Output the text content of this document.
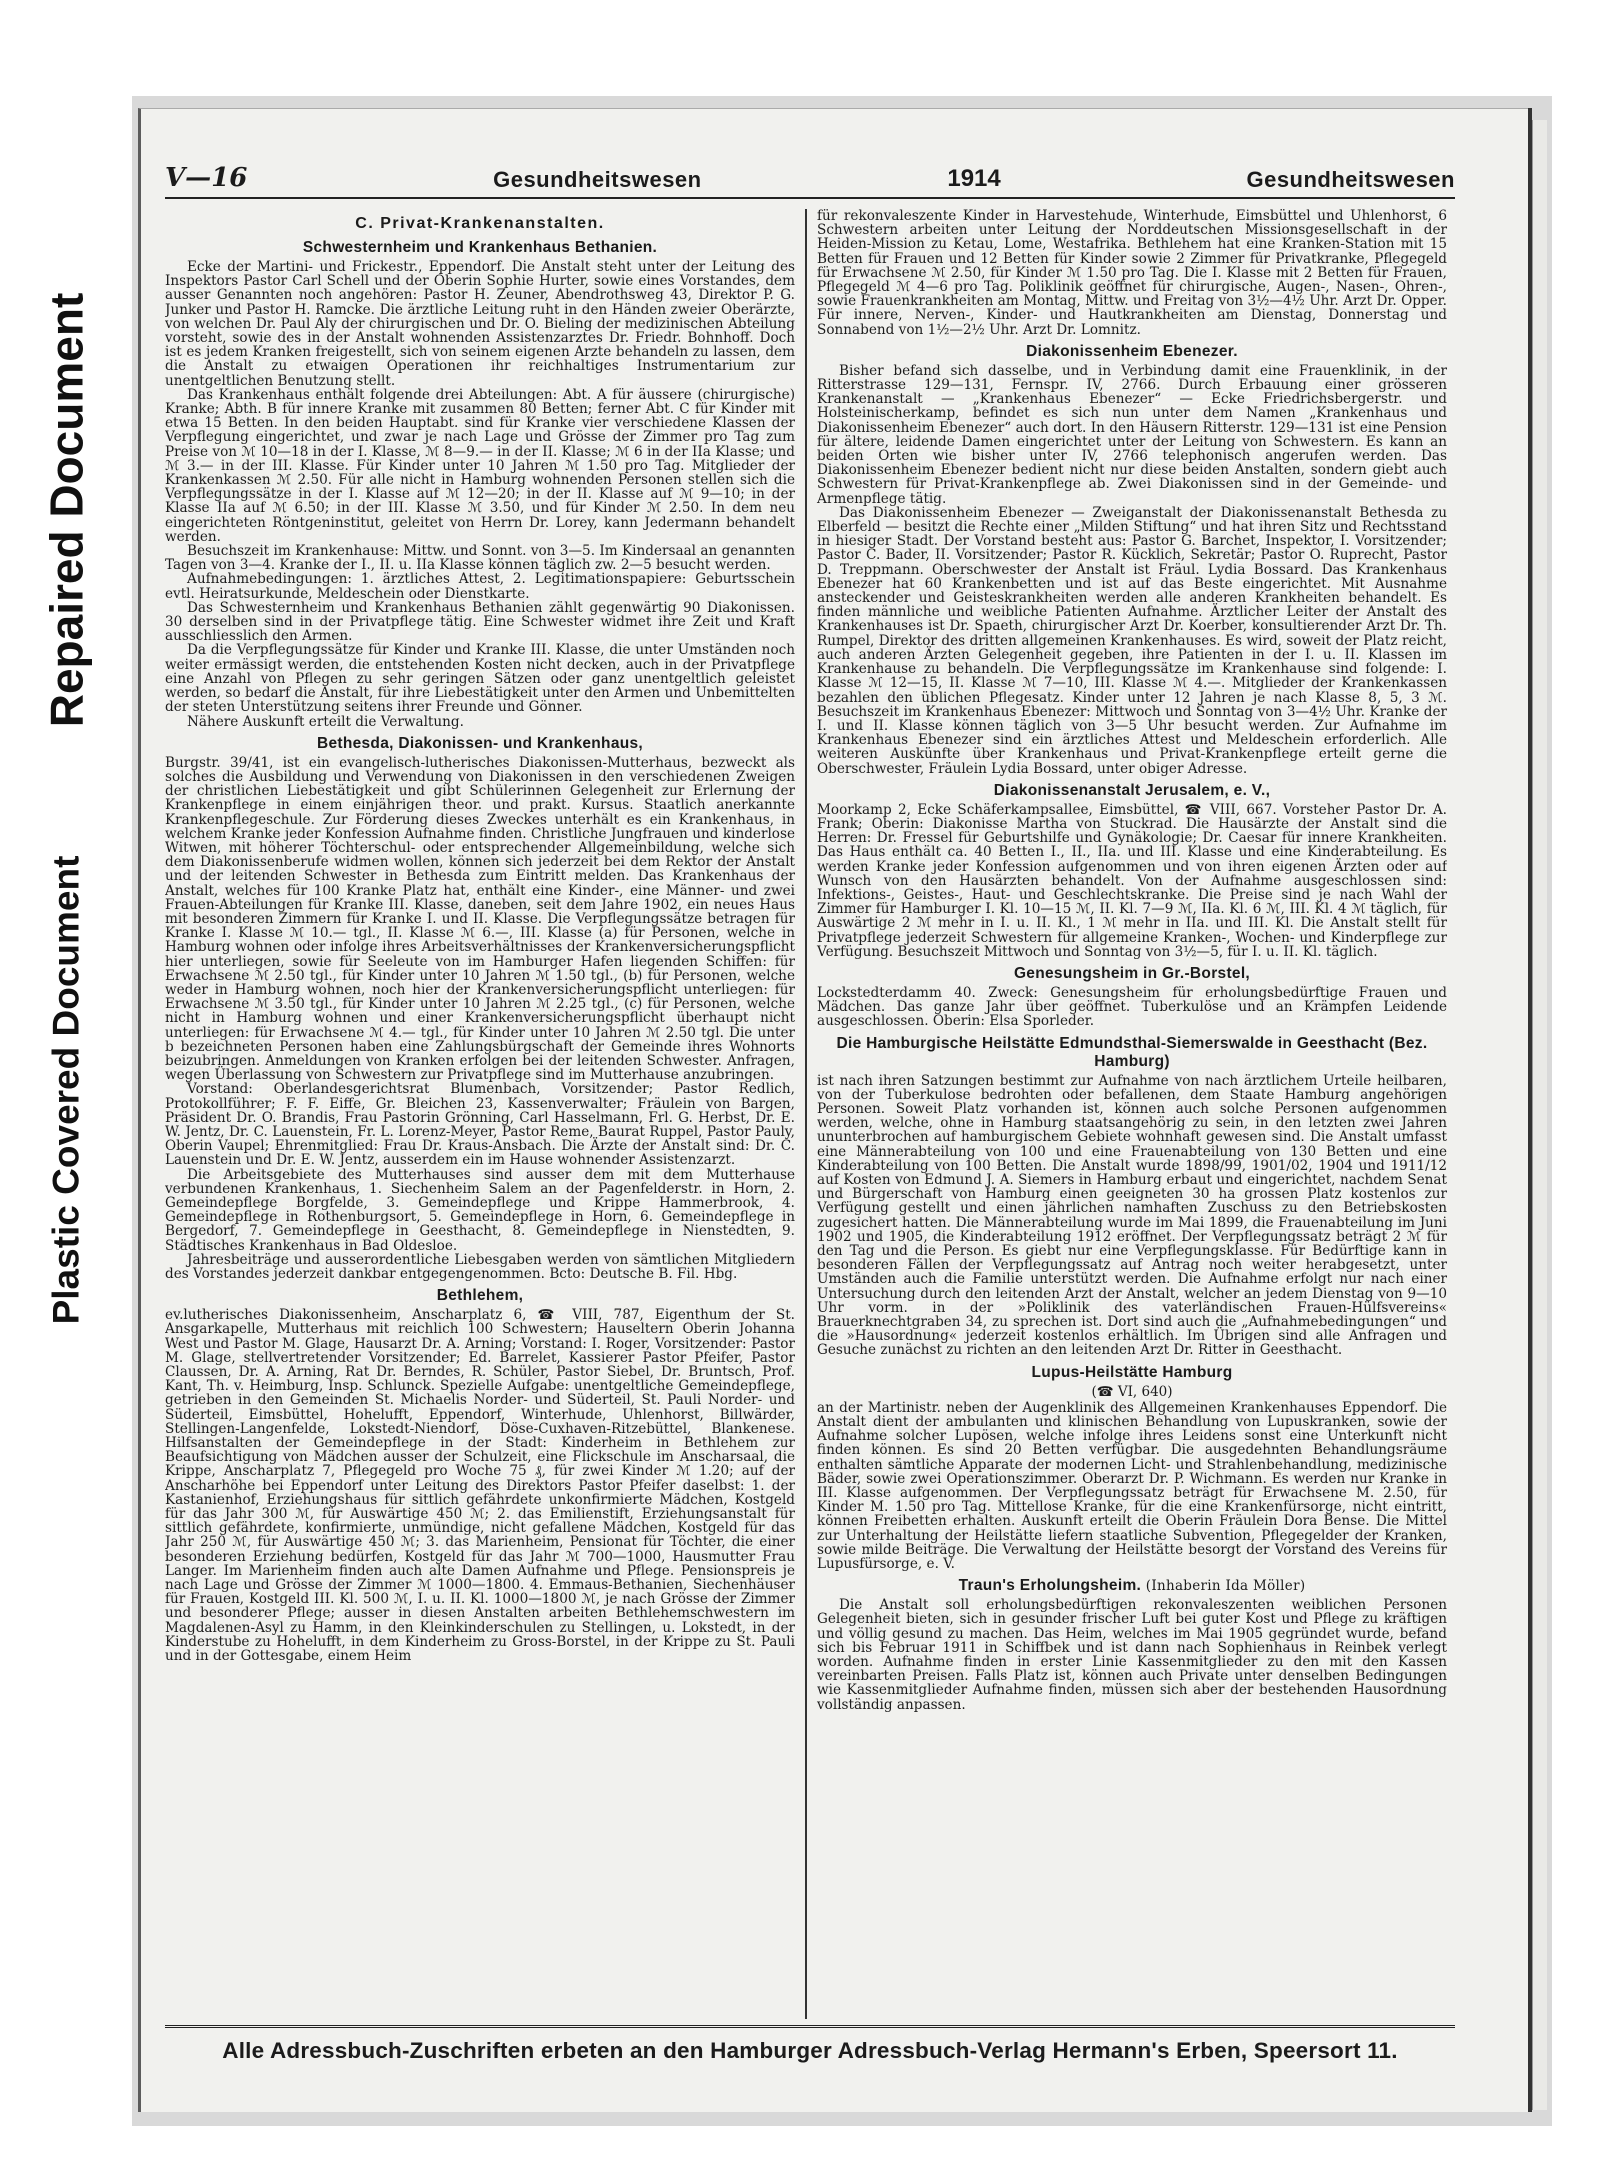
Repaired Document
Plastic Covered Document
V—16	Gesundheitswesen	1914	Gesundheitswesen
C. Privat-Krankenanstalten.
Schwesternheim und Krankenhaus Bethanien.

Ecke der Martini- und Frickestr., Eppendorf. Die Anstalt steht unter der Leitung des Inspektors Pastor Carl Schell und der Oberin Sophie Hurter, sowie eines Vorstandes, dem ausser Genannten noch angehören: Pastor H. Zeuner, Abendrothsweg 43, Direktor P. G. Junker und Pastor H. Ramcke. Die ärztliche Leitung ruht in den Händen zweier Oberärzte, von welchen Dr. Paul Aly der chirurgischen und Dr. O. Bieling der medizinischen Abteilung vorsteht, sowie des in der Anstalt wohnenden Assistenzarztes Dr. Friedr. Bohnhoff. Doch ist es jedem Kranken freigestellt, sich von seinem eigenen Arzte behandeln zu lassen, dem die Anstalt zu etwaigen Operationen ihr reichhaltiges Instrumentarium zur unentgeltlichen Benutzung stellt.

Das Krankenhaus enthält folgende drei Abteilungen: Abt. A für äussere (chirurgische) Kranke; Abth. B für innere Kranke mit zusammen 80 Betten; ferner Abt. C für Kinder mit etwa 15 Betten. In den beiden Hauptabt. sind für Kranke vier verschiedene Klassen der Verpflegung eingerichtet, und zwar je nach Lage und Grösse der Zimmer pro Tag zum Preise von ℳ 10—18 in der I. Klasse, ℳ 8—9.— in der II. Klasse; ℳ 6 in der IIa Klasse; und ℳ 3.— in der III. Klasse. Für Kinder unter 10 Jahren ℳ 1.50 pro Tag. Mitglieder der Krankenkassen ℳ 2.50. Für alle nicht in Hamburg wohnenden Personen stellen sich die Verpflegungssätze in der I. Klasse auf ℳ 12—20; in der II. Klasse auf ℳ 9—10; in der Klasse IIa auf ℳ 6.50; in der III. Klasse ℳ 3.50, und für Kinder ℳ 2.50. In dem neu eingerichteten Röntgeninstitut, geleitet von Herrn Dr. Lorey, kann Jedermann behandelt werden.

Besuchszeit im Krankenhause: Mittw. und Sonnt. von 3—5. Im Kindersaal an genannten Tagen von 3—4. Kranke der I., II. u. IIa Klasse können täglich zw. 2—5 besucht werden.

Aufnahmebedingungen: 1. ärztliches Attest, 2. Legitimationspapiere: Geburtsschein evtl. Heiratsurkunde, Meldeschein oder Dienstkarte.

Das Schwesternheim und Krankenhaus Bethanien zählt gegenwärtig 90 Diakonissen. 30 derselben sind in der Privatpflege tätig. Eine Schwester widmet ihre Zeit und Kraft ausschliesslich den Armen.

Da die Verpflegungssätze für Kinder und Kranke III. Klasse, die unter Umständen noch weiter ermässigt werden, die entstehenden Kosten nicht decken, auch in der Privatpflege eine Anzahl von Pflegen zu sehr geringen Sätzen oder ganz unentgeltlich geleistet werden, so bedarf die Anstalt, für ihre Liebestätigkeit unter den Armen und Unbemittelten der steten Unterstützung seitens ihrer Freunde und Gönner.

Nähere Auskunft erteilt die Verwaltung.

Bethesda, Diakonissen- und Krankenhaus,

Burgstr. 39/41, ist ein evangelisch-lutherisches Diakonissen-Mutterhaus, bezweckt als solches die Ausbildung und Verwendung von Diakonissen in den verschiedenen Zweigen der christlichen Liebestätigkeit und gibt Schülerinnen Gelegenheit zur Erlernung der Krankenpflege in einem einjährigen theor. und prakt. Kursus. Staatlich anerkannte Krankenpflegeschule. Zur Förderung dieses Zweckes unterhält es ein Krankenhaus, in welchem Kranke jeder Konfession Aufnahme finden. Christliche Jungfrauen und kinderlose Witwen, mit höherer Töchterschul- oder entsprechender Allgemeinbildung, welche sich dem Diakonissenberufe widmen wollen, können sich jederzeit bei dem Rektor der Anstalt und der leitenden Schwester in Bethesda zum Eintritt melden. Das Krankenhaus der Anstalt, welches für 100 Kranke Platz hat, enthält eine Kinder-, eine Männer- und zwei Frauen-Abteilungen für Kranke III. Klasse, daneben, seit dem Jahre 1902, ein neues Haus mit besonderen Zimmern für Kranke I. und II. Klasse. Die Verpflegungssätze betragen für Kranke I. Klasse ℳ 10.— tgl., II. Klasse ℳ 6.—, III. Klasse (a) für Personen, welche in Hamburg wohnen oder infolge ihres Arbeitsverhältnisses der Krankenversicherungspflicht hier unterliegen, sowie für Seeleute von im Hamburger Hafen liegenden Schiffen: für Erwachsene ℳ 2.50 tgl., für Kinder unter 10 Jahren ℳ 1.50 tgl., (b) für Personen, welche weder in Hamburg wohnen, noch hier der Krankenversicherungspflicht unterliegen: für Erwachsene ℳ 3.50 tgl., für Kinder unter 10 Jahren ℳ 2.25 tgl., (c) für Personen, welche nicht in Hamburg wohnen und einer Krankenversicherungspflicht überhaupt nicht unterliegen: für Erwachsene ℳ 4.— tgl., für Kinder unter 10 Jahren ℳ 2.50 tgl. Die unter b bezeichneten Personen haben eine Zahlungsbürgschaft der Gemeinde ihres Wohnorts beizubringen. Anmeldungen von Kranken erfolgen bei der leitenden Schwester. Anfragen, wegen Überlassung von Schwestern zur Privatpflege sind im Mutterhause anzubringen.

Vorstand: Oberlandesgerichtsrat Blumenbach, Vorsitzender; Pastor Redlich, Protokollführer; F. F. Eiffe, Gr. Bleichen 23, Kassenverwalter; Fräulein von Bargen, Präsident Dr. O. Brandis, Frau Pastorin Grönning, Carl Hasselmann, Frl. G. Herbst, Dr. E. W. Jentz, Dr. C. Lauenstein, Fr. L. Lorenz-Meyer, Pastor Reme, Baurat Ruppel, Pastor Pauly, Oberin Vaupel; Ehrenmitglied: Frau Dr. Kraus-Ansbach. Die Ärzte der Anstalt sind: Dr. C. Lauenstein und Dr. E. W. Jentz, ausserdem ein im Hause wohnender Assistenzarzt.

Die Arbeitsgebiete des Mutterhauses sind ausser dem mit dem Mutterhause verbundenen Krankenhaus, 1. Siechenheim Salem an der Pagenfelderstr. in Horn, 2. Gemeindepflege Borgfelde, 3. Gemeindepflege und Krippe Hammerbrook, 4. Gemeindepflege in Rothenburgsort, 5. Gemeindepflege in Horn, 6. Gemeindepflege in Bergedorf, 7. Gemeindepflege in Geesthacht, 8. Gemeindepflege in Nienstedten, 9. Städtisches Krankenhaus in Bad Oldesloe.

Jahresbeiträge und ausserordentliche Liebesgaben werden von sämtlichen Mitgliedern des Vorstandes jederzeit dankbar entgegengenommen. Bcto: Deutsche B. Fil. Hbg.

Bethlehem,

ev.lutherisches Diakonissenheim, Anscharplatz 6, ☎ VIII, 787, Eigenthum der St. Ansgarkapelle, Mutterhaus mit reichlich 100 Schwestern; Hauseltern Oberin Johanna West und Pastor M. Glage, Hausarzt Dr. A. Arning; Vorstand: I. Roger, Vorsitzender: Pastor M. Glage, stellvertretender Vorsitzender; Ed. Barrelet, Kassierer Pastor Pfeifer, Pastor Claussen, Dr. A. Arning, Rat Dr. Berndes, R. Schüler, Pastor Siebel, Dr. Bruntsch, Prof. Kant, Th. v. Heimburg, Insp. Schlunck. Spezielle Aufgabe: unentgeltliche Gemeindepflege, getrieben in den Gemeinden St. Michaelis Norder- und Süderteil, St. Pauli Norder- und Süderteil, Eimsbüttel, Hohelufft, Eppendorf, Winterhude, Uhlenhorst, Billwärder, Stellingen-Langenfelde, Lokstedt-Niendorf, Döse-Cuxhaven-Ritzebüttel, Blankenese. Hilfsanstalten der Gemeindepflege in der Stadt: Kinderheim in Bethlehem zur Beaufsichtigung von Mädchen ausser der Schulzeit, eine Flickschule im Anscharsaal, die Krippe, Anscharplatz 7, Pflegegeld pro Woche 75 ₰, für zwei Kinder ℳ 1.20; auf der Anscharhöhe bei Eppendorf unter Leitung des Direktors Pastor Pfeifer daselbst: 1. der Kastanienhof, Erziehungshaus für sittlich gefährdete unkonfirmierte Mädchen, Kostgeld für das Jahr 300 ℳ, für Auswärtige 450 ℳ; 2. das Emilienstift, Erziehungsanstalt für sittlich gefährdete, konfirmierte, unmündige, nicht gefallene Mädchen, Kostgeld für das Jahr 250 ℳ, für Auswärtige 450 ℳ; 3. das Marienheim, Pensionat für Töchter, die einer besonderen Erziehung bedürfen, Kostgeld für das Jahr ℳ 700—1000, Hausmutter Frau Langer. Im Marienheim finden auch alte Damen Aufnahme und Pflege. Pensionspreis je nach Lage und Grösse der Zimmer ℳ 1000—1800. 4. Emmaus-Bethanien, Siechenhäuser für Frauen, Kostgeld III. Kl. 500 ℳ, I. u. II. Kl. 1000—1800 ℳ, je nach Grösse der Zimmer und besonderer Pflege; ausser in diesen Anstalten arbeiten Bethlehemschwestern im Magdalenen-Asyl zu Hamm, in den Kleinkinderschulen zu Stellingen, u. Lokstedt, in der Kinderstube zu Hohelufft, in dem Kinderheim zu Gross-Borstel, in der Krippe zu St. Pauli und in der Gottesgabe, einem Heim

für rekonvaleszente Kinder in Harvestehude, Winterhude, Eimsbüttel und Uhlenhorst, 6 Schwestern arbeiten unter Leitung der Norddeutschen Missionsgesellschaft in der Heiden-Mission zu Ketau, Lome, Westafrika. Bethlehem hat eine Kranken-Station mit 15 Betten für Frauen und 12 Betten für Kinder sowie 2 Zimmer für Privatkranke, Pflegegeld für Erwachsene ℳ 2.50, für Kinder ℳ 1.50 pro Tag. Die I. Klasse mit 2 Betten für Frauen, Pflegegeld ℳ 4—6 pro Tag. Poliklinik geöffnet für chirurgische, Augen-, Nasen-, Ohren-, sowie Frauenkrankheiten am Montag, Mittw. und Freitag von 3½—4½ Uhr. Arzt Dr. Opper. Für innere, Nerven-, Kinder- und Hautkrankheiten am Dienstag, Donnerstag und Sonnabend von 1½—2½ Uhr. Arzt Dr. Lomnitz.

Diakonissenheim Ebenezer.

Bisher befand sich dasselbe, und in Verbindung damit eine Frauenklinik, in der Ritterstrasse 129—131, Fernspr. IV, 2766. Durch Erbauung einer grösseren Krankenanstalt — „Krankenhaus Ebenezer“ — Ecke Friedrichsbergerstr. und Holsteinischerkamp, befindet es sich nun unter dem Namen „Krankenhaus und Diakonissenheim Ebenezer“ auch dort. In den Häusern Ritterstr. 129—131 ist eine Pension für ältere, leidende Damen eingerichtet unter der Leitung von Schwestern. Es kann an beiden Orten wie bisher unter IV, 2766 telephonisch angerufen werden. Das Diakonissenheim Ebenezer bedient nicht nur diese beiden Anstalten, sondern giebt auch Schwestern für Privat-Krankenpflege ab. Zwei Diakonissen sind in der Gemeinde- und Armenpflege tätig.

Das Diakonissenheim Ebenezer — Zweiganstalt der Diakonissenanstalt Bethesda zu Elberfeld — besitzt die Rechte einer „Milden Stiftung“ und hat ihren Sitz und Rechtsstand in hiesiger Stadt. Der Vorstand besteht aus: Pastor G. Barchet, Inspektor, I. Vorsitzender; Pastor C. Bader, II. Vorsitzender; Pastor R. Kücklich, Sekretär; Pastor O. Ruprecht, Pastor D. Treppmann. Oberschwester der Anstalt ist Fräul. Lydia Bossard. Das Krankenhaus Ebenezer hat 60 Krankenbetten und ist auf das Beste eingerichtet. Mit Ausnahme ansteckender und Geisteskrankheiten werden alle anderen Krankheiten behandelt. Es finden männliche und weibliche Patienten Aufnahme. Ärztlicher Leiter der Anstalt des Krankenhauses ist Dr. Spaeth, chirurgischer Arzt Dr. Koerber, konsultierender Arzt Dr. Th. Rumpel, Direktor des dritten allgemeinen Krankenhauses. Es wird, soweit der Platz reicht, auch anderen Ärzten Gelegenheit gegeben, ihre Patienten in der I. u. II. Klassen im Krankenhause zu behandeln. Die Verpflegungssätze im Krankenhause sind folgende: I. Klasse ℳ 12—15, II. Klasse ℳ 7—10, III. Klasse ℳ 4.—. Mitglieder der Krankenkassen bezahlen den üblichen Pflegesatz. Kinder unter 12 Jahren je nach Klasse 8, 5, 3 ℳ. Besuchszeit im Krankenhaus Ebenezer: Mittwoch und Sonntag von 3—4½ Uhr. Kranke der I. und II. Klasse können täglich von 3—5 Uhr besucht werden. Zur Aufnahme im Krankenhaus Ebenezer sind ein ärztliches Attest und Meldeschein erforderlich. Alle weiteren Auskünfte über Krankenhaus und Privat-Krankenpflege erteilt gerne die Oberschwester, Fräulein Lydia Bossard, unter obiger Adresse.

Diakonissenanstalt Jerusalem, e. V.,

Moorkamp 2, Ecke Schäferkampsallee, Eimsbüttel, ☎ VIII, 667. Vorsteher Pastor Dr. A. Frank; Oberin: Diakonisse Martha von Stuckrad. Die Hausärzte der Anstalt sind die Herren: Dr. Fressel für Geburtshilfe und Gynäkologie; Dr. Caesar für innere Krankheiten. Das Haus enthält ca. 40 Betten I., II., IIa. und III. Klasse und eine Kinderabteilung. Es werden Kranke jeder Konfession aufgenommen und von ihren eigenen Ärzten oder auf Wunsch von den Hausärzten behandelt. Von der Aufnahme ausgeschlossen sind: Infektions-, Geistes-, Haut- und Geschlechtskranke. Die Preise sind je nach Wahl der Zimmer für Hamburger I. Kl. 10—15 ℳ, II. Kl. 7—9 ℳ, IIa. Kl. 6 ℳ, III. Kl. 4 ℳ täglich, für Auswärtige 2 ℳ mehr in I. u. II. Kl., 1 ℳ mehr in IIa. und III. Kl. Die Anstalt stellt für Privatpflege jederzeit Schwestern für allgemeine Kranken-, Wochen- und Kinderpflege zur Verfügung. Besuchszeit Mittwoch und Sonntag von 3½—5, für I. u. II. Kl. täglich.

Genesungsheim in Gr.-Borstel,

Lockstedterdamm 40. Zweck: Genesungsheim für erholungsbedürftige Frauen und Mädchen. Das ganze Jahr über geöffnet. Tuberkulöse und an Krämpfen Leidende ausgeschlossen. Oberin: Elsa Sporleder.

Die Hamburgische Heilstätte Edmundsthal-Siemerswalde in Geesthacht (Bez. Hamburg)

ist nach ihren Satzungen bestimmt zur Aufnahme von nach ärztlichem Urteile heilbaren, von der Tuberkulose bedrohten oder befallenen, dem Staate Hamburg angehörigen Personen. Soweit Platz vorhanden ist, können auch solche Personen aufgenommen werden, welche, ohne in Hamburg staatsangehörig zu sein, in den letzten zwei Jahren ununterbrochen auf hamburgischem Gebiete wohnhaft gewesen sind. Die Anstalt umfasst eine Männerabteilung von 100 und eine Frauenabteilung von 130 Betten und eine Kinderabteilung von 100 Betten. Die Anstalt wurde 1898/99, 1901/02, 1904 und 1911/12 auf Kosten von Edmund J. A. Siemers in Hamburg erbaut und eingerichtet, nachdem Senat und Bürgerschaft von Hamburg einen geeigneten 30 ha grossen Platz kostenlos zur Verfügung gestellt und einen jährlichen namhaften Zuschuss zu den Betriebskosten zugesichert hatten. Die Männerabteilung wurde im Mai 1899, die Frauenabteilung im Juni 1902 und 1905, die Kinderabteilung 1912 eröffnet. Der Verpflegungssatz beträgt 2 ℳ für den Tag und die Person. Es giebt nur eine Verpflegungsklasse. Für Bedürftige kann in besonderen Fällen der Verpflegungssatz auf Antrag noch weiter herabgesetzt, unter Umständen auch die Familie unterstützt werden. Die Aufnahme erfolgt nur nach einer Untersuchung durch den leitenden Arzt der Anstalt, welcher an jedem Dienstag von 9—10 Uhr vorm. in der »Poliklinik des vaterländischen Frauen-Hülfsvereins« Brauerknechtgraben 34, zu sprechen ist. Dort sind auch die „Aufnahmebedingungen“ und die »Hausordnung« jederzeit kostenlos erhältlich. Im Übrigen sind alle Anfragen und Gesuche zunächst zu richten an den leitenden Arzt Dr. Ritter in Geesthacht.

Lupus-Heilstätte Hamburg
(☎ VI, 640)

an der Martinistr. neben der Augenklinik des Allgemeinen Krankenhauses Eppendorf. Die Anstalt dient der ambulanten und klinischen Behandlung von Lupuskranken, sowie der Aufnahme solcher Lupösen, welche infolge ihres Leidens sonst eine Unterkunft nicht finden können. Es sind 20 Betten verfügbar. Die ausgedehnten Behandlungsräume enthalten sämtliche Apparate der modernen Licht- und Strahlenbehandlung, medizinische Bäder, sowie zwei Operationszimmer. Oberarzt Dr. P. Wichmann. Es werden nur Kranke in III. Klasse aufgenommen. Der Verpflegungssatz beträgt für Erwachsene M. 2.50, für Kinder M. 1.50 pro Tag. Mittellose Kranke, für die eine Krankenfürsorge, nicht eintritt, können Freibetten erhalten. Auskunft erteilt die Oberin Fräulein Dora Bense. Die Mittel zur Unterhaltung der Heilstätte liefern staatliche Subvention, Pflegegelder der Kranken, sowie milde Beiträge. Die Verwaltung der Heilstätte besorgt der Vorstand des Vereins für Lupusfürsorge, e. V.

Traun's Erholungsheim. (Inhaberin Ida Möller)

Die Anstalt soll erholungsbedürftigen rekonvaleszenten weiblichen Personen Gelegenheit bieten, sich in gesunder frischer Luft bei guter Kost und Pflege zu kräftigen und völlig gesund zu machen. Das Heim, welches im Mai 1905 gegründet wurde, befand sich bis Februar 1911 in Schiffbek und ist dann nach Sophienhaus in Reinbek verlegt worden. Aufnahme finden in erster Linie Kassenmitglieder zu den mit den Kassen vereinbarten Preisen. Falls Platz ist, können auch Private unter denselben Bedingungen wie Kassenmitglieder Aufnahme finden, müssen sich aber der bestehenden Hausordnung vollständig anpassen.

Alle Adressbuch-Zuschriften erbeten an den Hamburger Adressbuch-Verlag Hermann's Erben, Speersort 11.
